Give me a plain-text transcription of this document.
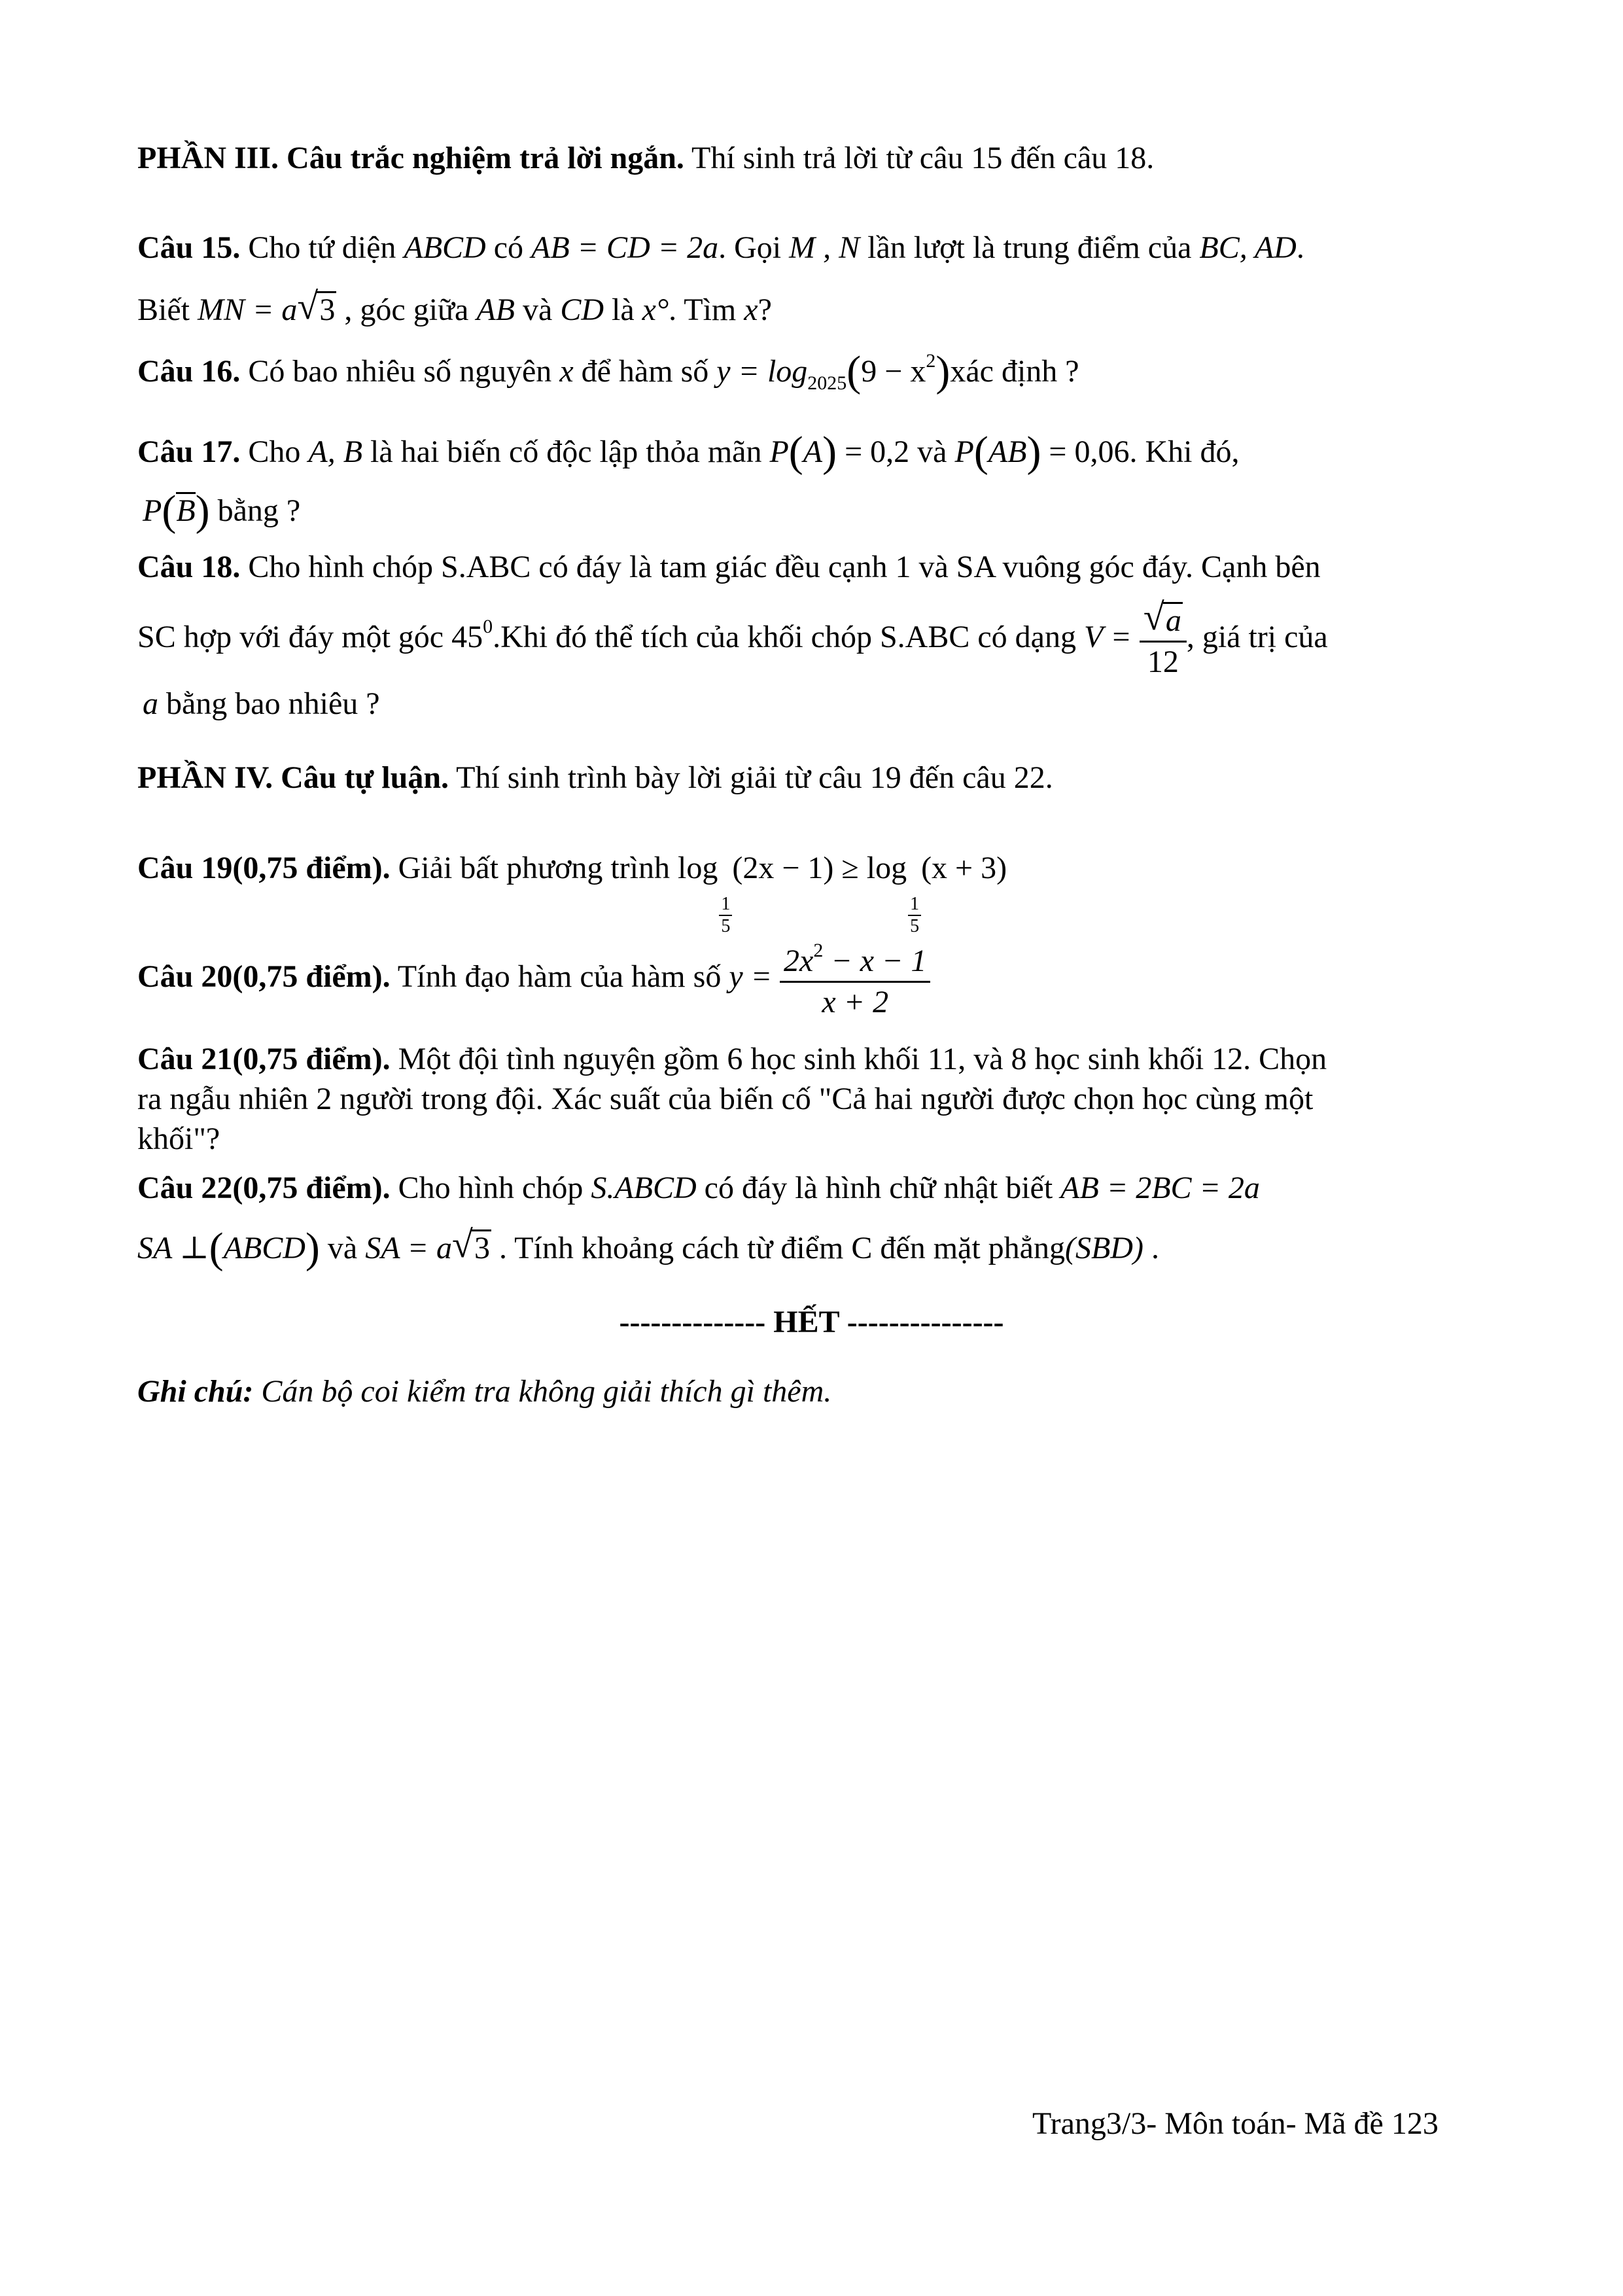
PHẦN III. Câu trắc nghiệm trả lời ngắn. Thí sinh trả lời từ câu 15 đến câu 18.
Câu 15. Cho tứ diện ABCD có AB = CD = 2a. Gọi M , N lần lượt là trung điểm của BC, AD.
Biết MN = a √ 3 , góc giữa AB và CD là x°. Tìm x?
Câu 16. Có bao nhiêu số nguyên x để hàm số $y = \log_{2025}(9$ − $x^2)xác$ định ?
Câu 17. Cho A, B là hai biến cố độc lập thỏa mãn P(A) = 0,2 và P(AB) = 0,06. Khi đó,
P(B) bằng ?
Câu 18. Cho hình chóp S.ABC có đáy là tam giác đều cạnh 1 và SA vuông góc đáy. Cạnh bên
SC hợp với đáy một góc $45^0.Khi$ đó thể tích của khối chóp S.ABC có dạng $V = \frac{√ a}{12}$ , giá trị của
a bằng bao nhiêu ?
PHẦN IV. Câu tự luận. Thí sinh trình bày lời giải từ câu 19 đến câu 22.
Câu 19(0,75 điểm). Giải bất phương trình log
$\frac{1}{5}$
(2x − 1) ≥ log
$\frac{1}{5}$
(x + 3)
Câu 20(0,75 điểm). Tính đạo hàm của hàm số $y = \frac{2x^2 - x - 1}{x + 2}$
Câu 21(0,75 điểm). Một đội tình nguyện gồm 6 học sinh khối 11, và 8 học sinh khối 12. Chọn
ra ngẫu nhiên 2 người trong đội. Xác suất của biến cố "Cả hai người được chọn học cùng một
khối"?
Câu 22(0,75 điểm). Cho hình chóp S.ABCD có đáy là hình chữ nhật biết AB = 2BC = 2a
SA ⊥(ABCD) và SA = a √ 3 . Tính khoảng cách từ điểm C đến mặt phẳng(SBD) .
-------------- HẾT ---------------
Ghi chú: Cán bộ coi kiểm tra không giải thích gì thêm.
Trang3/3- Môn toán- Mã đề 123
